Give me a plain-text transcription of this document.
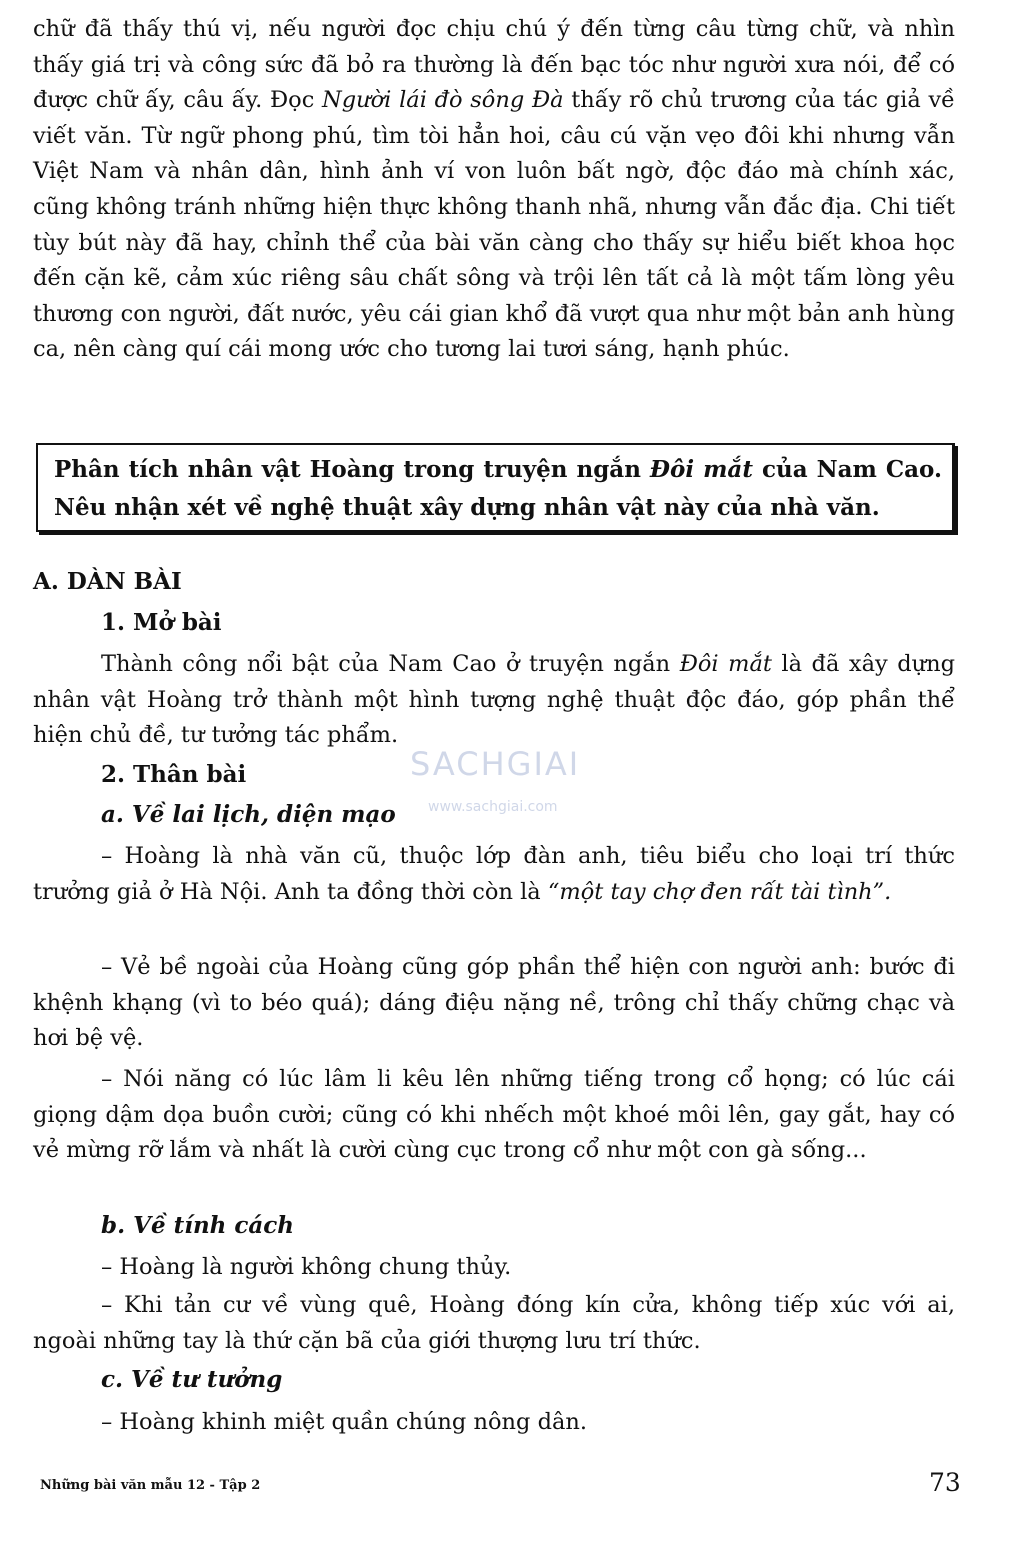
chữ đã thấy thú vị, nếu người đọc chịu chú ý đến từng câu từng chữ, và nhìn thấy giá trị và công sức đã bỏ ra thường là đến bạc tóc như người xưa nói, để có được chữ ấy, câu ấy. Đọc Người lái đò sông Đà thấy rõ chủ trương của tác giả về viết văn. Từ ngữ phong phú, tìm tòi hẳn hoi, câu cú vặn vẹo đôi khi nhưng vẫn Việt Nam và nhân dân, hình ảnh ví von luôn bất ngờ, độc đáo mà chính xác, cũng không tránh những hiện thực không thanh nhã, nhưng vẫn đắc địa. Chi tiết tùy bút này đã hay, chỉnh thể của bài văn càng cho thấy sự hiểu biết khoa học đến cặn kẽ, cảm xúc riêng sâu chất sông và trội lên tất cả là một tấm lòng yêu thương con người, đất nước, yêu cái gian khổ đã vượt qua như một bản anh hùng ca, nên càng quí cái mong ước cho tương lai tươi sáng, hạnh phúc.

Phân tích nhân vật Hoàng trong truyện ngắn Đôi mắt của Nam Cao. Nêu nhận xét về nghệ thuật xây dựng nhân vật này của nhà văn.
A. DÀN BÀI
1. Mở bài

Thành công nổi bật của Nam Cao ở truyện ngắn Đôi mắt là đã xây dựng nhân vật Hoàng trở thành một hình tượng nghệ thuật độc đáo, góp phần thể hiện chủ đề, tư tưởng tác phẩm.

2. Thân bài
a. Về lai lịch, diện mạo

– Hoàng là nhà văn cũ, thuộc lớp đàn anh, tiêu biểu cho loại trí thức trưởng giả ở Hà Nội. Anh ta đồng thời còn là “một tay chợ đen rất tài tình”.

– Vẻ bề ngoài của Hoàng cũng góp phần thể hiện con người anh: bước đi khệnh khạng (vì to béo quá); dáng điệu nặng nề, trông chỉ thấy chững chạc và hơi bệ vệ.

– Nói năng có lúc lâm li kêu lên những tiếng trong cổ họng; có lúc cái giọng dậm dọa buồn cười; cũng có khi nhếch một khoé môi lên, gay gắt, hay có vẻ mừng rỡ lắm và nhất là cười cùng cục trong cổ như một con gà sống...

b. Về tính cách

– Hoàng là người không chung thủy.

– Khi tản cư về vùng quê, Hoàng đóng kín cửa, không tiếp xúc với ai, ngoài những tay là thứ cặn bã của giới thượng lưu trí thức.

c. Về tư tưởng

– Hoàng khinh miệt quần chúng nông dân.

SACHGIAI
www.sachgiai.com
Những bài văn mẫu 12 - Tập 2	73
